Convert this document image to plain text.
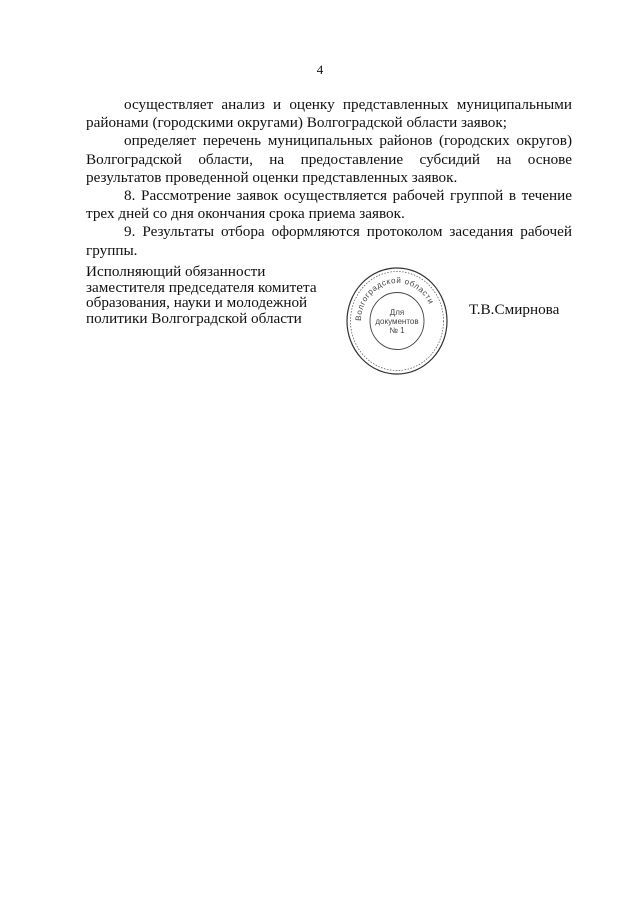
4

осуществляет анализ и оценку представленных муниципальными районами (городскими округами) Волгоградской области заявок;

определяет перечень муниципальных районов (городских округов) Волгоградской области, на предоставление субсидий на основе результатов проведенной оценки представленных заявок.

8. Рассмотрение заявок осуществляется рабочей группой в течение трех дней со дня окончания срока приема заявок.

9. Результаты отбора оформляются протоколом заседания рабочей группы.

Исполняющий обязанности
заместителя председателя комитета
образования, науки и молодежной
политики Волгоградской области	Волгоградской области
Для
документов
№ 1
Т.В.Смирнова
